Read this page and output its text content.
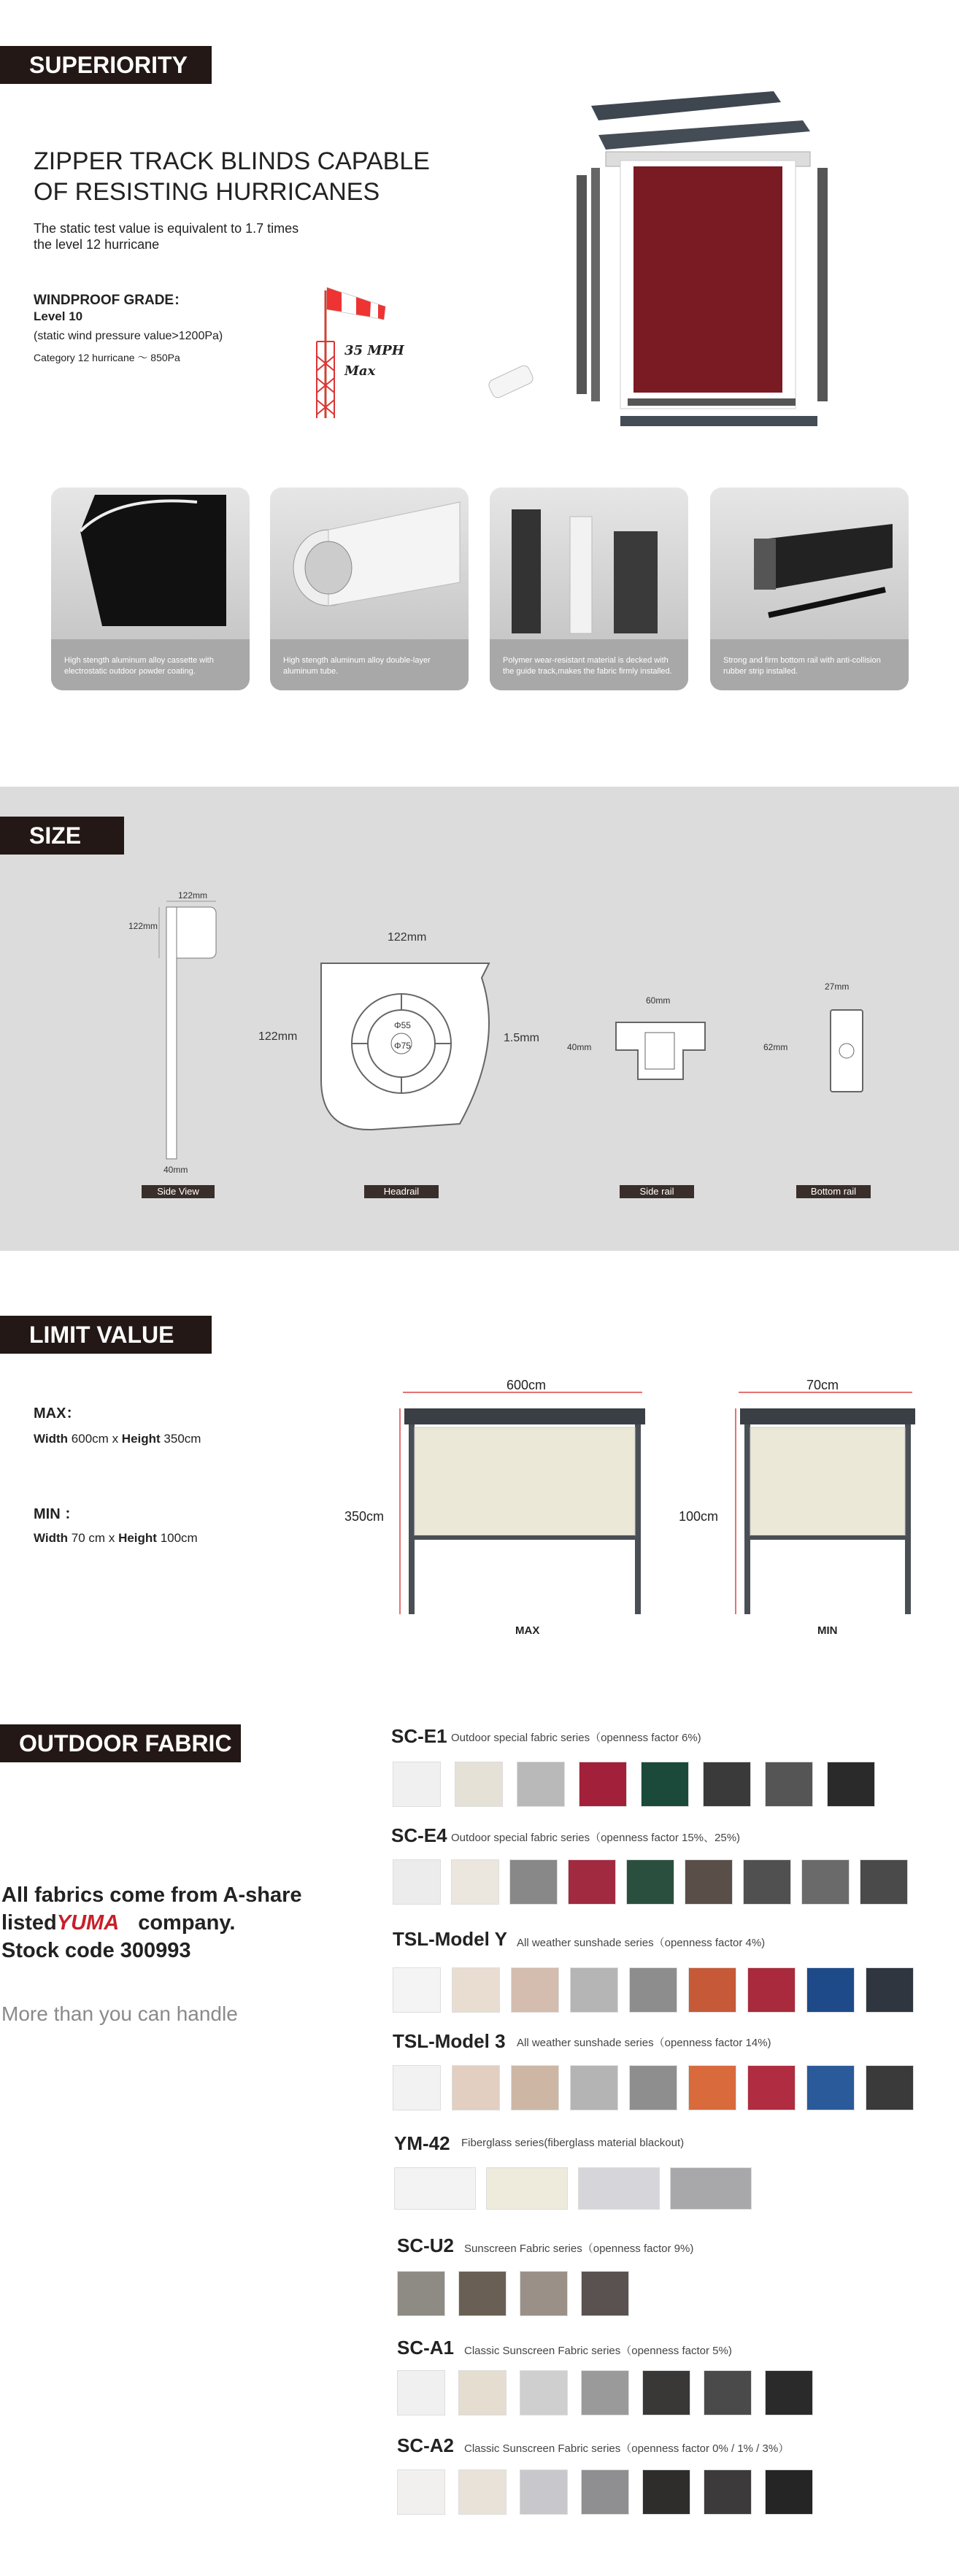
SUPERIORITY
ZIPPER TRACK BLINDS CAPABLE
OF RESISTING HURRICANES
The static test value is equivalent to 1.7 times
the level 12 hurricane
WINDPROOF GRADE：
Level 10
(static wind pressure value>1200Pa)
Category 12 hurricane ～ 850Pa	35 MPH
Max
High stength aluminum alloy cassette with electrostatic outdoor powder coating.
High stength aluminum alloy double-layer aluminum tube.
Polymer wear-resistant material is decked with the guide track,makes the fabric firmly installed.
Strong and firm bottom rail with anti-collision rubber strip installed.
SIZE
122mm
122mm
40mm
Side View
122mm
122mm	1.5mm
Φ55
Φ75
Headrail
60mm
40mm
Side rail
27mm
62mm
Bottom rail
LIMIT VALUE
MAX：
Width 600cm x Height 350cm
MIN ：
Width 70 cm x Height 100cm
600cm
350cm
MAX
70cm
100cm
MIN
OUTDOOR FABRIC
All fabrics come from A-share
listedYUMA company.
Stock code 300993
More than you can handle
SC-E1 Outdoor special fabric series（openness factor 6%)
SC-E4 Outdoor special fabric series（openness factor 15%、25%)
TSL-Model Y All weather sunshade series（openness factor 4%)
TSL-Model 3 All weather sunshade series（openness factor 14%)
YM-42 Fiberglass series(fiberglass material blackout)
SC-U2 Sunscreen Fabric series（openness factor 9%)
SC-A1 Classic Sunscreen Fabric series（openness factor 5%)
SC-A2 Classic Sunscreen Fabric series（openness factor 0% / 1% / 3%）
